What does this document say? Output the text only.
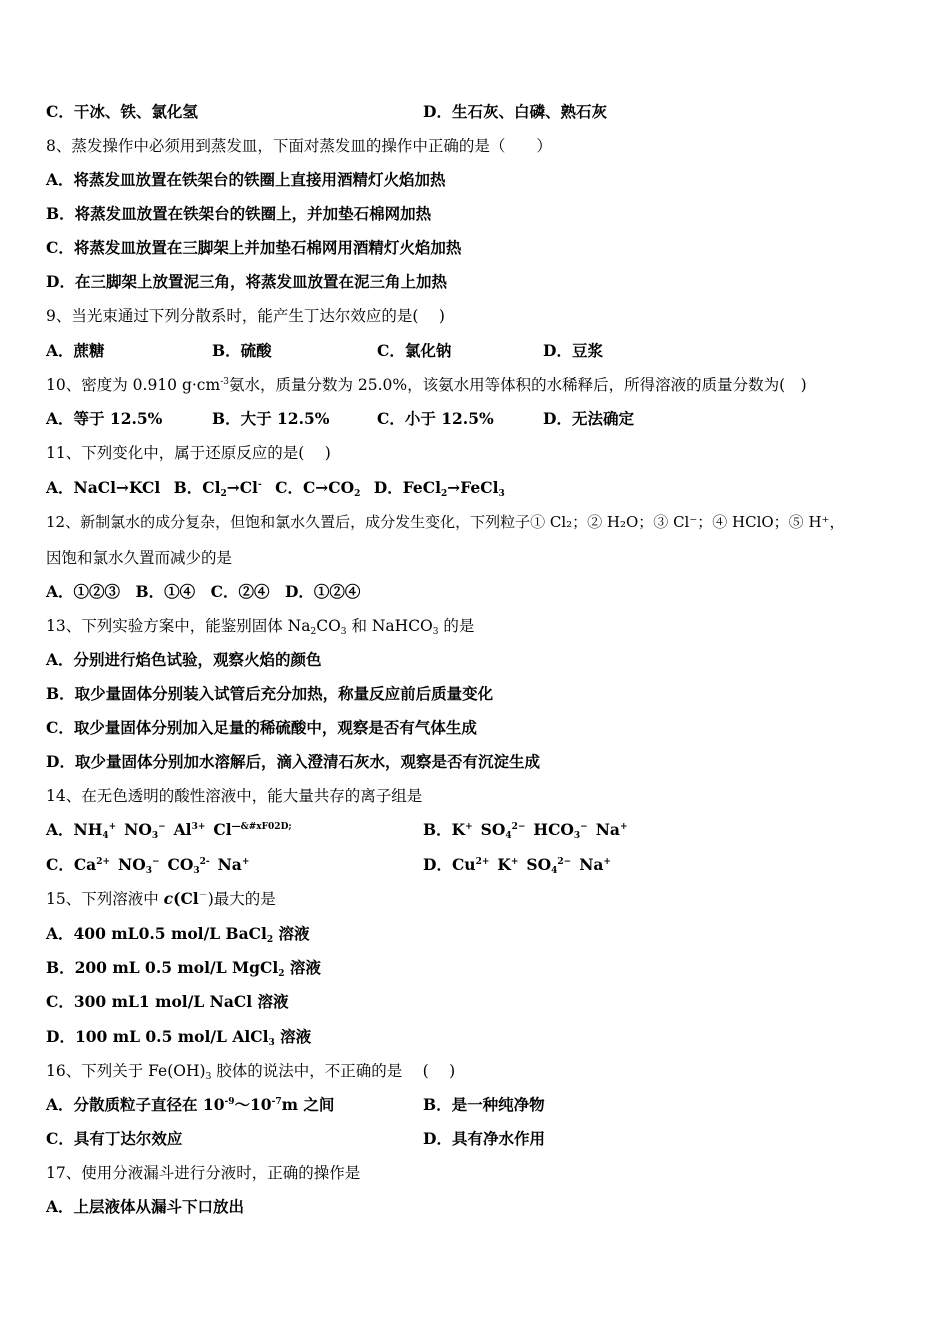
C．干冰、铁、氯化氢	D．生石灰、白磷、熟石灰
8、蒸发操作中必须用到蒸发皿，下面对蒸发皿的操作中正确的是（　　）
A．将蒸发皿放置在铁架台的铁圈上直接用酒精灯火焰加热
B．将蒸发皿放置在铁架台的铁圈上，并加垫石棉网加热
C．将蒸发皿放置在三脚架上并加垫石棉网用酒精灯火焰加热
D．在三脚架上放置泥三角，将蒸发皿放置在泥三角上加热
9、当光束通过下列分散系时，能产生丁达尔效应的是(　 )
A．蔗糖	B．硫酸	C．氯化钠	D．豆浆
10、密度为 0.910 $g\cdot cm^{-3}$氨水，质量分数为 25.0%，该氨水用等体积的水稀释后，所得溶液的质量分数为(　)
A．等于 12.5%	B．大于 12.5%	C．小于 12.5%	D．无法确定
11、下列变化中，属于还原反应的是(　 )
A．NaCl→KCl B．$Cl_2\to Cl^-$ C．$C\to CO_2$ D．FeCl$_2$→FeCl$_3$
12、新制氯水的成分复杂，但饱和氯水久置后，成分发生变化，下列粒子① Cl₂；② H₂O；③ Cl⁻；④ HClO；⑤ H⁺，
因饱和氯水久置而减少的是
A．①②③　B．①④　C．②④　D．①②④
13、下列实验方案中，能鉴别固体 $Na_2CO_3$ 和 NaHCO$_3$ 的是
A．分别进行焰色试验，观察火焰的颜色
B．取少量固体分别装入试管后充分加热，称量反应前后质量变化
C．取少量固体分别加入足量的稀硫酸中，观察是否有气体生成
D．取少量固体分别加水溶解后，滴入澄清石灰水，观察是否有沉淀生成
14、在无色透明的酸性溶液中，能大量共存的离子组是
A．$NH_4^+$ $NO_3^-$ $Al^{3+}$ $Cl^{—\&\#xF02D;}$	B．K+ $SO_4^{2-}$ $HCO_3^-$ Na+
C．$Ca^{2+}$ $NO_3^-$ $CO_3^{2-}$ Na+	D．$Cu^{2+}$ K+ $SO_4^{2-}$ Na+
15、下列溶液中 c(Cl－)最大的是
A．400 mL0.5 mol/L BaCl$_2$ 溶液
B．200 mL 0.5 mol/L MgCl$_2$ 溶液
C．300 mL1 mol/L NaCl 溶液
D．100 mL 0.5 mol/L AlCl$_3$ 溶液
16、下列关于 $Fe(OH)_3$ 胶体的说法中，不正确的是　 (　 )
A．分散质粒子直径在 $10^{-9}\sim 10^{-7}m$ 之间	B．是一种纯净物
C．具有丁达尔效应	D．具有净水作用
17、使用分液漏斗进行分液时，正确的操作是
A．上层液体从漏斗下口放出
